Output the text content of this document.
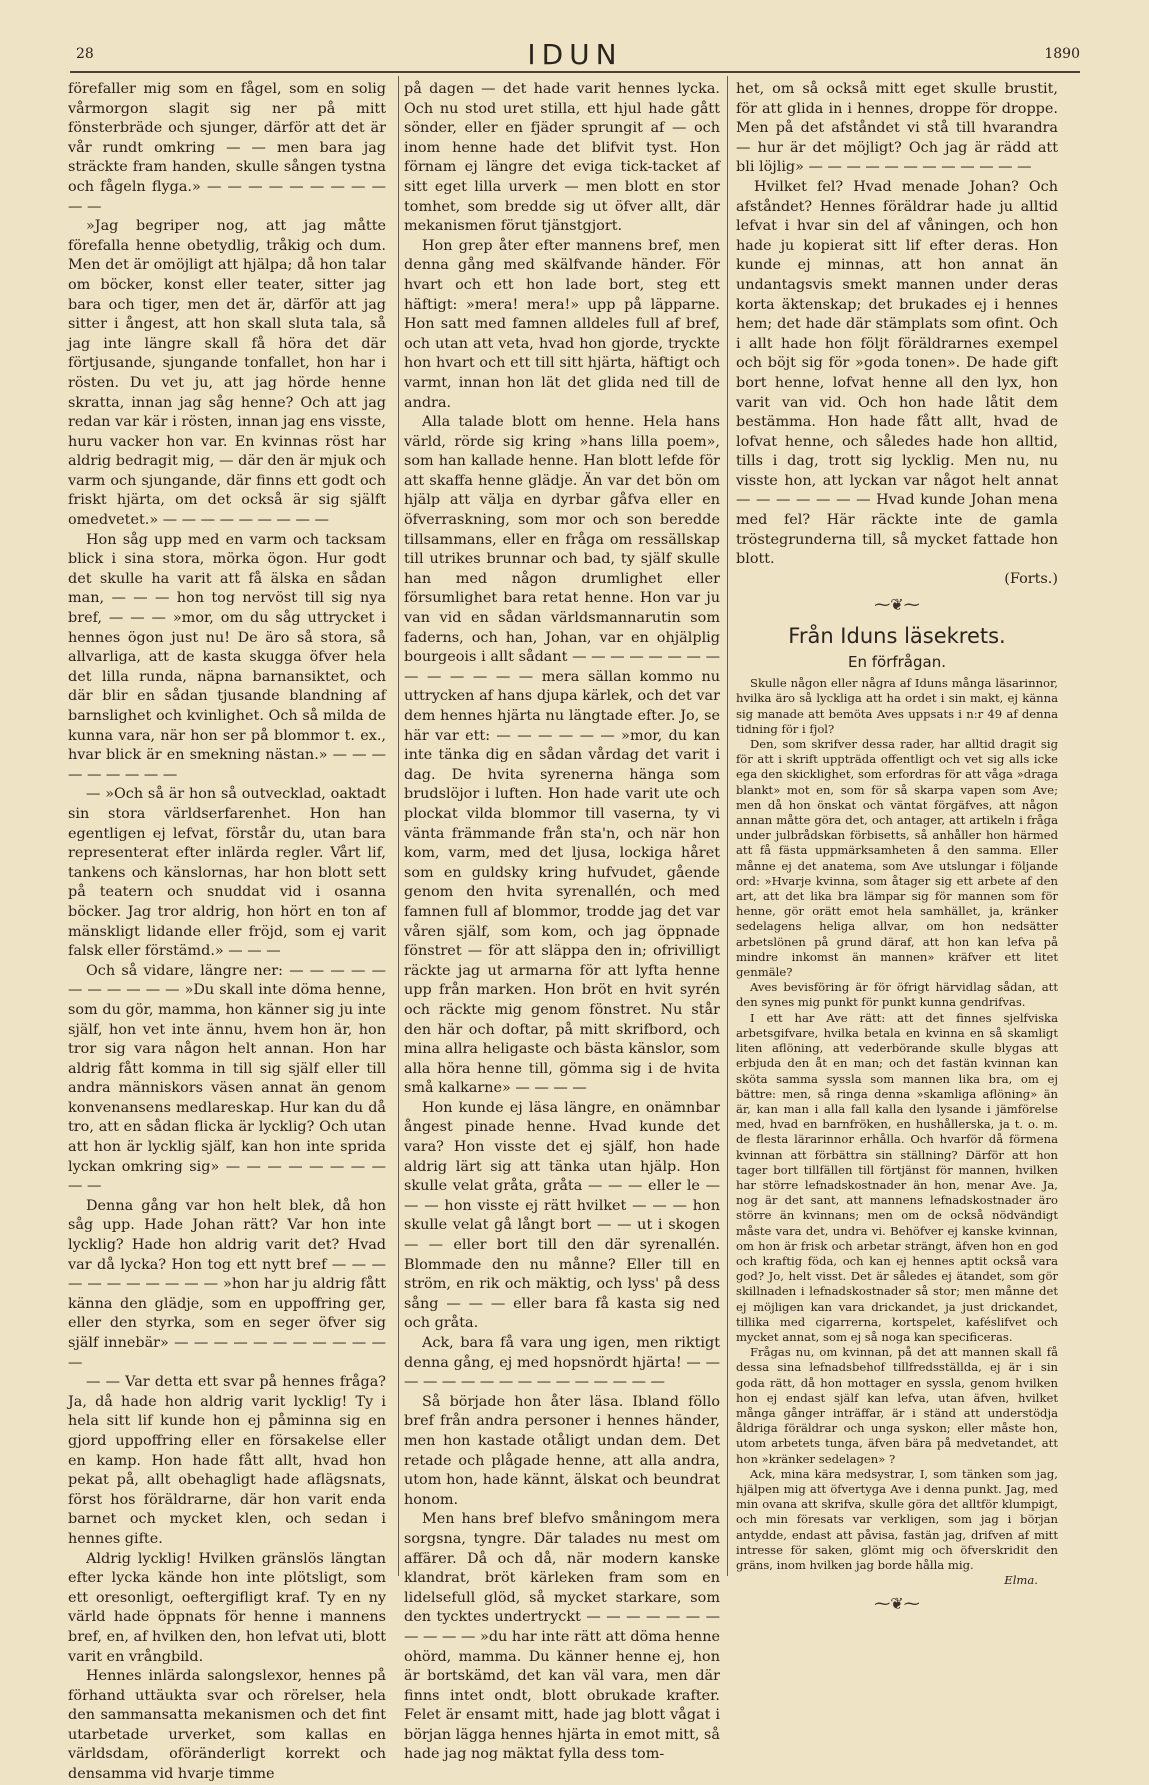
28	IDUN	1890

förefaller mig som en fågel, som en solig vårmorgon slagit sig ner på mitt fönsterbräde och sjunger, därför att det är vår rundt omkring — — men bara jag sträckte fram handen, skulle sången tystna och fågeln flyga.» — — — — — — — — — — —

»Jag begriper nog, att jag måtte förefalla henne obetydlig, tråkig och dum. Men det är omöjligt att hjälpa; då hon talar om böcker, konst eller teater, sitter jag bara och tiger, men det är, därför att jag sitter i ångest, att hon skall sluta tala, så jag inte längre skall få höra det där förtjusande, sjungande tonfallet, hon har i rösten. Du vet ju, att jag hörde henne skratta, innan jag såg henne? Och att jag redan var kär i rösten, innan jag ens visste, huru vacker hon var. En kvinnas röst har aldrig bedragit mig, — där den är mjuk och varm och sjungande, där finns ett godt och friskt hjärta, om det också är sig själft omedvetet.» — — — — — — — — —

Hon såg upp med en varm och tacksam blick i sina stora, mörka ögon. Hur godt det skulle ha varit att få älska en sådan man, — — — hon tog nervöst till sig nya bref, — — — »mor, om du såg uttrycket i hennes ögon just nu! De äro så stora, så allvarliga, att de kasta skugga öfver hela det lilla runda, näpna barnansiktet, och där blir en sådan tjusande blandning af barnslighet och kvinlighet. Och så milda de kunna vara, när hon ser på blommor t. ex., hvar blick är en smekning nästan.» — — — — — — — — —

— »Och så är hon så outvecklad, oaktadt sin stora världserfarenhet. Hon han egentligen ej lefvat, förstår du, utan bara representerat efter inlärda regler. Vårt lif, tankens och känslornas, har hon blott sett på teatern och snuddat vid i osanna böcker. Jag tror aldrig, hon hört en ton af mänskligt lidande eller fröjd, som ej varit falsk eller förstämd.» — — —

Och så vidare, längre ner: — — — — — — — — — — — »Du skall inte döma henne, som du gör, mamma, hon känner sig ju inte själf, hon vet inte ännu, hvem hon är, hon tror sig vara någon helt annan. Hon har aldrig fått komma in till sig själf eller till andra människors väsen annat än genom konvenansens medlareskap. Hur kan du då tro, att en sådan flicka är lycklig? Och utan att hon är lycklig själf, kan hon inte sprida lyckan omkring sig» — — — — — — — — — —

Denna gång var hon helt blek, då hon såg upp. Hade Johan rätt? Var hon inte lycklig? Hade hon aldrig varit det? Hvad var då lycka? Hon tog ett nytt bref — — — — — — — — — — — »hon har ju aldrig fått känna den glädje, som en uppoffring ger, eller den styrka, som en seger öfver sig själf innebär» — — — — — — — — — — — —

— — Var detta ett svar på hennes fråga? Ja, då hade hon aldrig varit lycklig! Ty i hela sitt lif kunde hon ej påminna sig en gjord uppoffring eller en försakelse eller en kamp. Hon hade fått allt, hvad hon pekat på, allt obehagligt hade aflägsnats, först hos föräldrarne, där hon varit enda barnet och mycket klen, och sedan i hennes gifte.

Aldrig lycklig! Hvilken gränslös längtan efter lycka kände hon inte plötsligt, som ett oresonligt, oeftergifligt kraf. Ty en ny värld hade öppnats för henne i mannens bref, en, af hvilken den, hon lefvat uti, blott varit en vrångbild.

Hennes inlärda salongslexor, hennes på förhand uttäukta svar och rörelser, hela den sammansatta mekanismen och det fint utarbetade urverket, som kallas en världsdam, oföränderligt korrekt och densamma vid hvarje timme

på dagen — det hade varit hennes lycka. Och nu stod uret stilla, ett hjul hade gått sönder, eller en fjäder sprungit af — och inom henne hade det blifvit tyst. Hon förnam ej längre det eviga tick-tacket af sitt eget lilla urverk — men blott en stor tomhet, som bredde sig ut öfver allt, där mekanismen förut tjänstgjort.

Hon grep åter efter mannens bref, men denna gång med skälfvande händer. För hvart och ett hon lade bort, steg ett häftigt: »mera! mera!» upp på läpparne. Hon satt med famnen alldeles full af bref, och utan att veta, hvad hon gjorde, tryckte hon hvart och ett till sitt hjärta, häftigt och varmt, innan hon lät det glida ned till de andra.

Alla talade blott om henne. Hela hans värld, rörde sig kring »hans lilla poem», som han kallade henne. Han blott lefde för att skaffa henne glädje. Än var det bön om hjälp att välja en dyrbar gåfva eller en öfverraskning, som mor och son beredde tillsammans, eller en fråga om ressällskap till utrikes brunnar och bad, ty själf skulle han med någon drumlighet eller försumlighet bara retat henne. Hon var ju van vid en sådan världsmannarutin som faderns, och han, Johan, var en ohjälplig bourgeois i allt sådant — — — — — — — — — — — — — — mera sällan kommo nu uttrycken af hans djupa kärlek, och det var dem hennes hjärta nu längtade efter. Jo, se här var ett: — — — — — — »mor, du kan inte tänka dig en sådan vårdag det varit i dag. De hvita syrenerna hänga som brudslöjor i luften. Hon hade varit ute och plockat vilda blommor till vaserna, ty vi vänta främmande från sta'n, och när hon kom, varm, med det ljusa, lockiga håret som en guldsky kring hufvudet, gående genom den hvita syrenallén, och med famnen full af blommor, trodde jag det var våren själf, som kom, och jag öppnade fönstret — för att släppa den in; ofrivilligt räckte jag ut armarna för att lyfta henne upp från marken. Hon bröt en hvit syrén och räckte mig genom fönstret. Nu står den här och doftar, på mitt skrifbord, och mina allra heligaste och bästa känslor, som alla höra henne till, gömma sig i de hvita små kalkarne» — — — —

Hon kunde ej läsa längre, en onämnbar ångest pinade henne. Hvad kunde det vara? Hon visste det ej själf, hon hade aldrig lärt sig att tänka utan hjälp. Hon skulle velat gråta, gråta — — — eller le — — — hon visste ej rätt hvilket — — — hon skulle velat gå långt bort — — ut i skogen — — eller bort till den där syrenallén. Blommade den nu månne? Eller till en ström, en rik och mäktig, och lyss' på dess sång — — — eller bara få kasta sig ned och gråta.

Ack, bara få vara ung igen, men riktigt denna gång, ej med hopsnördt hjärta! — — — — — — — — — — — — — — — —

Så började hon åter läsa. Ibland föllo bref från andra personer i hennes händer, men hon kastade otåligt undan dem. Det retade och plågade henne, att alla andra, utom hon, hade kännt, älskat och beundrat honom.

Men hans bref blefvo småningom mera sorgsna, tyngre. Där talades nu mest om affärer. Då och då, när modern kanske klandrat, bröt kärleken fram som en lidelsefull glöd, så mycket starkare, som den tycktes undertryckt — — — — — — — — — — — »du har inte rätt att döma henne ohörd, mamma. Du känner henne ej, hon är bortskämd, det kan väl vara, men där finns intet ondt, blott obrukade krafter. Felet är ensamt mitt, hade jag blott vågat i början lägga hennes hjärta in emot mitt, så hade jag nog mäktat fylla dess tom-

het, om så också mitt eget skulle brustit, för att glida in i hennes, droppe för droppe. Men på det afståndet vi stå till hvarandra — hur är det möjligt? Och jag är rädd att bli löjlig» — — — — — — — — — — — —

Hvilket fel? Hvad menade Johan? Och afståndet? Hennes föräldrar hade ju alltid lefvat i hvar sin del af våningen, och hon hade ju kopierat sitt lif efter deras. Hon kunde ej minnas, att hon annat än undantagsvis smekt mannen under deras korta äktenskap; det brukades ej i hennes hem; det hade där stämplats som ofint. Och i allt hade hon följt föräldrarnes exempel och böjt sig för »goda tonen». De hade gift bort henne, lofvat henne all den lyx, hon varit van vid. Och hon hade låtit dem bestämma. Hon hade fått allt, hvad de lofvat henne, och således hade hon alltid, tills i dag, trott sig lycklig. Men nu, nu visste hon, att lyckan var något helt annat — — — — — — — Hvad kunde Johan mena med fel? Här räckte inte de gamla tröstegrunderna till, så mycket fattade hon blott.

(Forts.)
⁓❦⁓
Från Iduns läsekrets.
En förfrågan.

Skulle någon eller några af Iduns många läsarinnor, hvilka äro så lyckliga att ha ordet i sin makt, ej känna sig manade att bemöta Aves uppsats i n:r 49 af denna tidning för i fjol?

Den, som skrifver dessa rader, har alltid dragit sig för att i skrift uppträda offentligt och vet sig alls icke ega den skicklighet, som erfordras för att våga »draga blankt» mot en, som för så skarpa vapen som Ave; men då hon önskat och väntat förgäfves, att någon annan måtte göra det, och antager, att artikeln i fråga under julbrådskan förbisetts, så anhåller hon härmed att få fästa uppmärksamheten å den samma. Eller månne ej det anatema, som Ave utslungar i följande ord: »Hvarje kvinna, som åtager sig ett arbete af den art, att det lika bra lämpar sig för mannen som för henne, gör orätt emot hela samhället, ja, kränker sedelagens heliga allvar, om hon nedsätter arbetslönen på grund däraf, att hon kan lefva på mindre inkomst än mannen» kräfver ett litet genmäle?

Aves bevisföring är för öfrigt härvidlag sådan, att den synes mig punkt för punkt kunna gendrifvas.

I ett har Ave rätt: att det finnes sjelfviska arbetsgifvare, hvilka betala en kvinna en så skamligt liten aflöning, att vederbörande skulle blygas att erbjuda den åt en man; och det fastän kvinnan kan sköta samma syssla som mannen lika bra, om ej bättre: men, så ringa denna »skamliga aflöning» än är, kan man i alla fall kalla den lysande i jämförelse med, hvad en barnfröken, en hushållerska, ja t. o. m. de flesta lärarinnor erhålla. Och hvarför då förmena kvinnan att förbättra sin ställning? Därför att hon tager bort tillfällen till förtjänst för mannen, hvilken har större lefnadskostnader än hon, menar Ave. Ja, nog är det sant, att mannens lefnadskostnader äro större än kvinnans; men om de också nödvändigt måste vara det, undra vi. Behöfver ej kanske kvinnan, om hon är frisk och arbetar strängt, äfven hon en god och kraftig föda, och kan ej hennes aptit också vara god? Jo, helt visst. Det är således ej ätandet, som gör skillnaden i lefnadskostnader så stor; men månne det ej möjligen kan vara drickandet, ja just drickandet, tillika med cigarrerna, kortspelet, kaféslifvet och mycket annat, som ej så noga kan specificeras.

Frågas nu, om kvinnan, på det att mannen skall få dessa sina lefnadsbehof tillfredsställda, ej är i sin goda rätt, då hon mottager en syssla, genom hvilken hon ej endast själf kan lefva, utan äfven, hvilket många gånger inträffar, är i ständ att understödja åldriga föräldrar och unga syskon; eller måste hon, utom arbetets tunga, äfven bära på medvetandet, att hon »kränker sedelagen» ?

Ack, mina kära medsystrar, I, som tänken som jag, hjälpen mig att öfvertyga Ave i denna punkt. Jag, med min ovana att skrifva, skulle göra det alltför klumpigt, och min föresats var verkligen, som jag i början antydde, endast att påvisa, fastän jag, drifven af mitt intresse för saken, glömt mig och öfverskridit den gräns, inom hvilken jag borde hålla mig.

Elma.
⁓❦⁓
